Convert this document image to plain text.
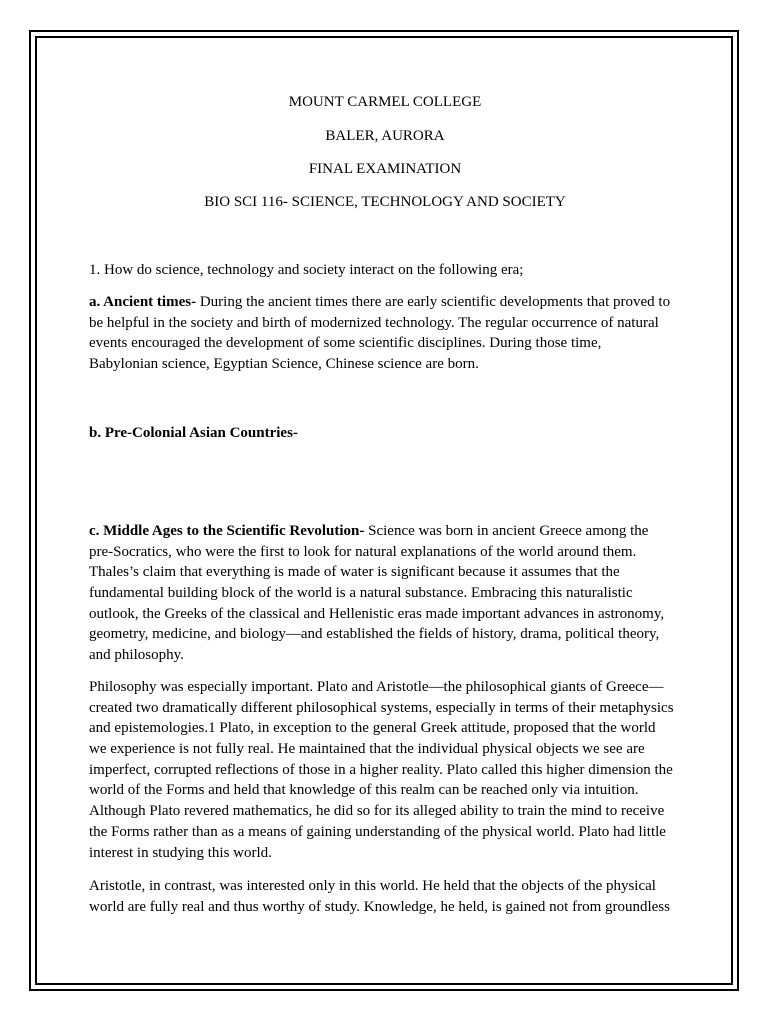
MOUNT CARMEL COLLEGE
BALER, AURORA
FINAL EXAMINATION
BIO SCI 116- SCIENCE, TECHNOLOGY AND SOCIETY

1. How do science, technology and society interact on the following era;

a. Ancient times- During the ancient times there are early scientific developments that proved to
be helpful in the society and birth of modernized technology. The regular occurrence of natural
events encouraged the development of some scientific disciplines. During those time,
Babylonian science, Egyptian Science, Chinese science are born.

b. Pre-Colonial Asian Countries-

c. Middle Ages to the Scientific Revolution- Science was born in ancient Greece among the
pre-Socratics, who were the first to look for natural explanations of the world around them.
Thales’s claim that everything is made of water is significant because it assumes that the
fundamental building block of the world is a natural substance. Embracing this naturalistic
outlook, the Greeks of the classical and Hellenistic eras made important advances in astronomy,
geometry, medicine, and biology—and established the fields of history, drama, political theory,
and philosophy.

Philosophy was especially important. Plato and Aristotle—the philosophical giants of Greece—
created two dramatically different philosophical systems, especially in terms of their metaphysics
and epistemologies.1 Plato, in exception to the general Greek attitude, proposed that the world
we experience is not fully real. He maintained that the individual physical objects we see are
imperfect, corrupted reflections of those in a higher reality. Plato called this higher dimension the
world of the Forms and held that knowledge of this realm can be reached only via intuition.
Although Plato revered mathematics, he did so for its alleged ability to train the mind to receive
the Forms rather than as a means of gaining understanding of the physical world. Plato had little
interest in studying this world.

Aristotle, in contrast, was interested only in this world. He held that the objects of the physical
world are fully real and thus worthy of study. Knowledge, he held, is gained not from groundless
